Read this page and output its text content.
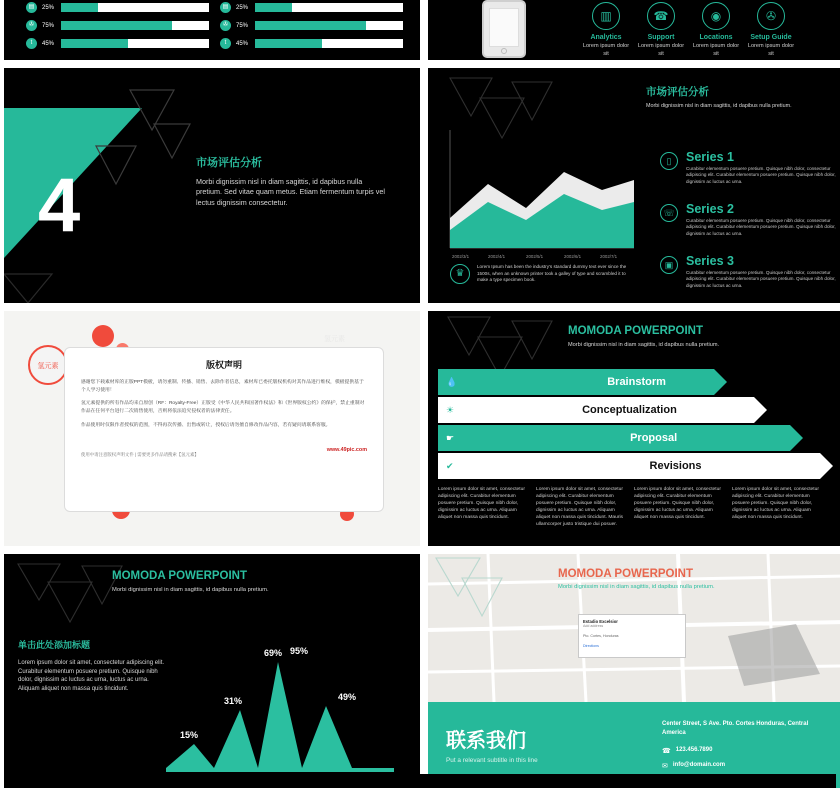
▤	25%
✇	75%
t	45%
▤	25%
✇	75%
t	45%
▥
Analytics
Lorem ipsum dolor sit
☎
Support
Lorem ipsum dolor sit
◉
Locations
Lorem ipsum dolor sit
✇
Setup Guide
Lorem ipsum dolor sit
4	市场评估分析
Morbi dignissim nisl in diam sagittis, id dapibus nulla pretium. Sed vitae quam metus. Etiam fermentum turpis vel lectus dignissim consectetur.
2002/3/1	2002/4/1	2002/5/1	2002/6/1	2002/7/1
市场评估分析
Morbi dignissim nisl in diam sagittis, id dapibus nulla pretium.
▯	Series 1
Curabitur elementum posuere pretium. Quisque nibh dolor, consectetur adipiscing elit. Curabitur elementum posuere pretium. Quisque nibh dolor, dignissim ac luctus ac urna.
☏ Series 2
Curabitur elementum posuere pretium. Quisque nibh dolor, consectetur adipiscing elit. Curabitur elementum posuere pretium. Quisque nibh dolor, dignissim ac luctus ac urna.
▣	Series 3
Curabitur elementum posuere pretium. Quisque nibh dolor, consectetur adipiscing elit. Curabitur elementum posuere pretium. Quisque nibh dolor, dignissim ac luctus ac urna.
♛
Lorem Ipsum has been the industry's standard dummy text ever since the 1500s, when an unknown printer took a galley of type and scrambled it to make a type specimen book.
氢元素
氢元素	版权声明

感谢您下载素材库的正版PPT模板，请勿重制、传播、销售、去除作者信息，素材库已委托版权机构对其作品进行维权，模板提供基于个人学习使用！

氢元素提供的所有作品均来自原创（RF：Royalty-Free）正版受《中华人民共和国著作权法》和《世界版权公约》的保护，禁止重制对作品在任何平台进行二次销售使用，否则将依法追究侵权者的法律责任。

作品使用时仅限作者授权的范围，不得再次传播、出售或转让，授权后请勿擅自修改作品内容，若有疑问请联系客服。

使用中请注意版权声明文件 | 需要更多作品请搜索【氢元素】
www.49pic.com
MOMODA POWERPOINT
Morbi dignissim nisl in diam sagittis, id dapibus nulla pretium.
💧	Brainstorm
☀	Conceptualization
☛	Proposal
✔	Revisions
Lorem ipsum dolor sit amet, consectetur adipiscing elit. Curabitur elementum posuere pretium. Quisque nibh dolor, dignissim ac luctus ac urna. Aliquam aliquet non massa quis tincidunt.
Lorem ipsum dolor sit amet, consectetur adipiscing elit. Curabitur elementum posuere pretium. Quisque nibh dolor, dignissim ac luctus ac urna. Aliquam aliquet non massa quis tincidunt. Mauris ullamcorper justo tristique dui posuer.
Lorem ipsum dolor sit amet, consectetur adipiscing elit. Curabitur elementum posuere pretium. Quisque nibh dolor, dignissim ac luctus ac urna. Aliquam aliquet non massa quis tincidunt.
Lorem ipsum dolor sit amet, consectetur adipiscing elit. Curabitur elementum posuere pretium. Quisque nibh dolor, dignissim ac luctus ac urna. Aliquam aliquet non massa quis tincidunt.
MOMODA POWERPOINT
Morbi dignissim nisl in diam sagittis, id dapibus nulla pretium.
单击此处添加标题
Lorem ipsum dolor sit amet, consectetur adipiscing elit. Curabitur elementum posuere pretium. Quisque nibh dolor, dignissim ac luctus ac urna, luctus ac urna. Aliquam aliquet non massa quis tincidunt.
15%
31%
69% 95%
49%
MOMODA POWERPOINT
Morbi dignissim nisl in diam sagittis, id dapibus nulla pretium.
Estadio Excelsior
Add address
Pto. Cortes, Honduras
Directions
联系我们
Put a relevant subtitle in this line
Center Street, S Ave. Pto. Cortes Honduras, Central America
☎ 123.456.7890
✉ info@domain.com
